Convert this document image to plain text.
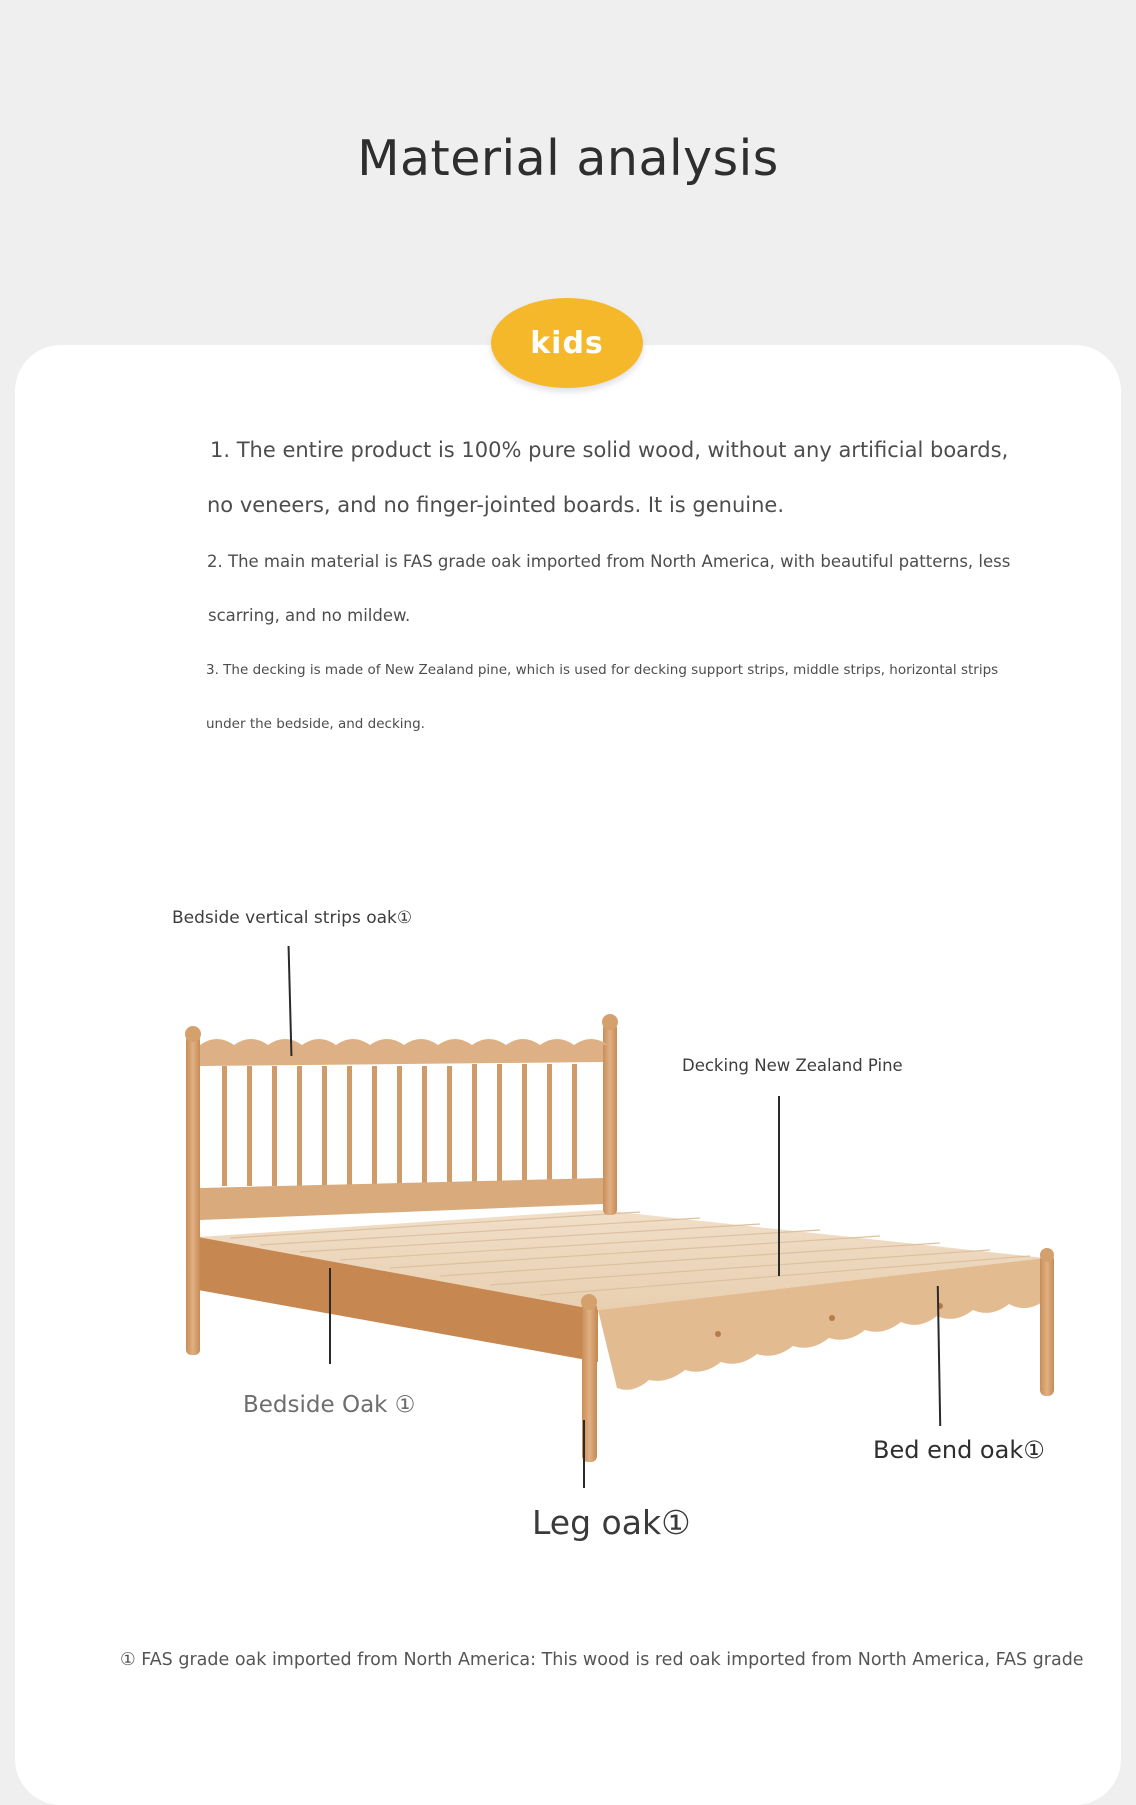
Material analysis
kids
1. The entire product is 100% pure solid wood, without any artificial boards,
no veneers, and no finger-jointed boards. It is genuine.
2. The main material is FAS grade oak imported from North America, with beautiful patterns, less
scarring, and no mildew.
3. The decking is made of New Zealand pine, which is used for decking support strips, middle strips, horizontal strips
under the bedside, and decking.
Bedside vertical strips oak①
Decking New Zealand Pine
Bedside Oak ①
Bed end oak①
Leg oak①
① FAS grade oak imported from North America: This wood is red oak imported from North America, FAS grade
